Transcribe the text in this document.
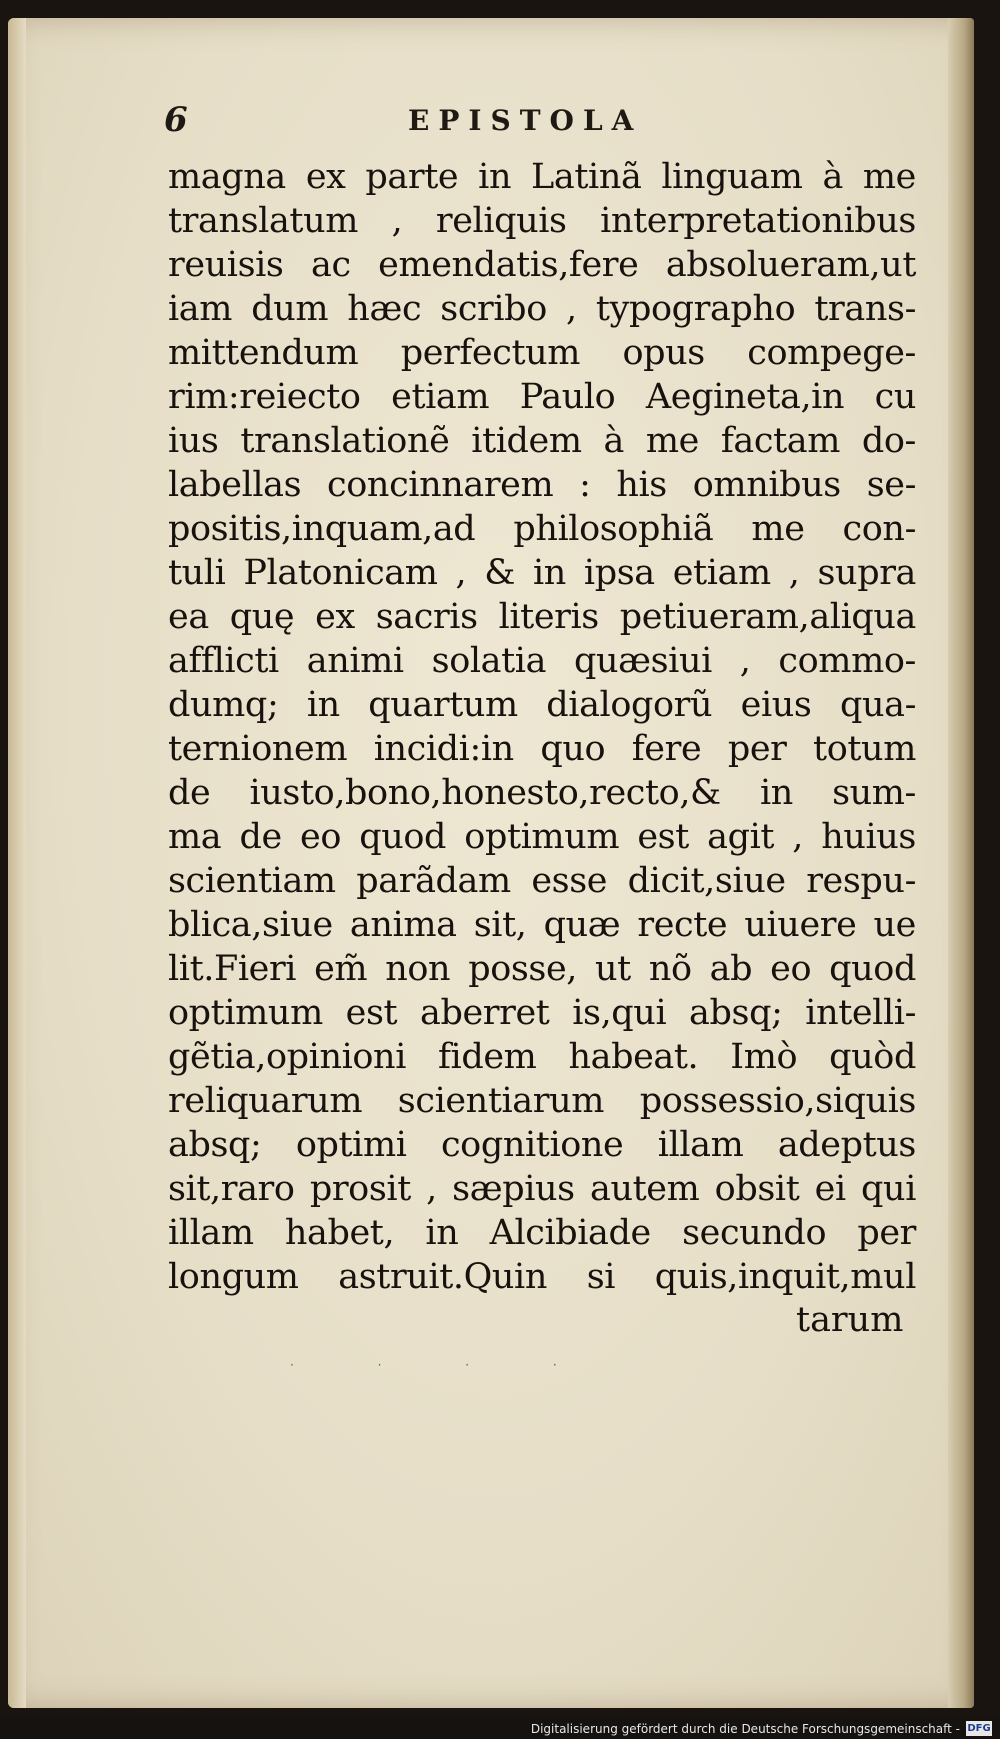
6	EPISTOLA
magna ex parte in Latinã linguam à me
translatum , reliquis interpretationibus
reuisis ac emendatis,fere absolueram,ut
iam dum hæc scribo , typographo trans-
mittendum perfectum opus compege-
rim:reiecto etiam Paulo Aegineta,in cu
ius translationẽ itidem à me factam do-
labellas concinnarem : his omnibus se-
positis,inquam,ad philosophiã me con-
tuli Platonicam , & in ipsa etiam , supra
ea quę ex sacris literis petiueram,aliqua
afflicti animi solatia quæsiui , commo-
dumq; in quartum dialogorũ eius qua-
ternionem incidi:in quo fere per totum
de iusto,bono,honesto,recto,& in sum-
ma de eo quod optimum est agit , huius
scientiam parãdam esse dicit,siue respu-
blica,siue anima sit, quæ recte uiuere ue
lit.Fieri em̃ non posse, ut nõ ab eo quod
optimum est aberret is,qui absq; intelli-
gẽtia,opinioni fidem habeat. Imò quòd
reliquarum scientiarum possessio,siquis
absq; optimi cognitione illam adeptus
sit,raro prosit , sæpius autem obsit ei qui
illam habet, in Alcibiade secundo per
longum astruit.Quin si quis,inquit,mul
tarum
· · · ·
Digitalisierung gefördert durch die Deutsche Forschungsgemeinschaft - DFG
